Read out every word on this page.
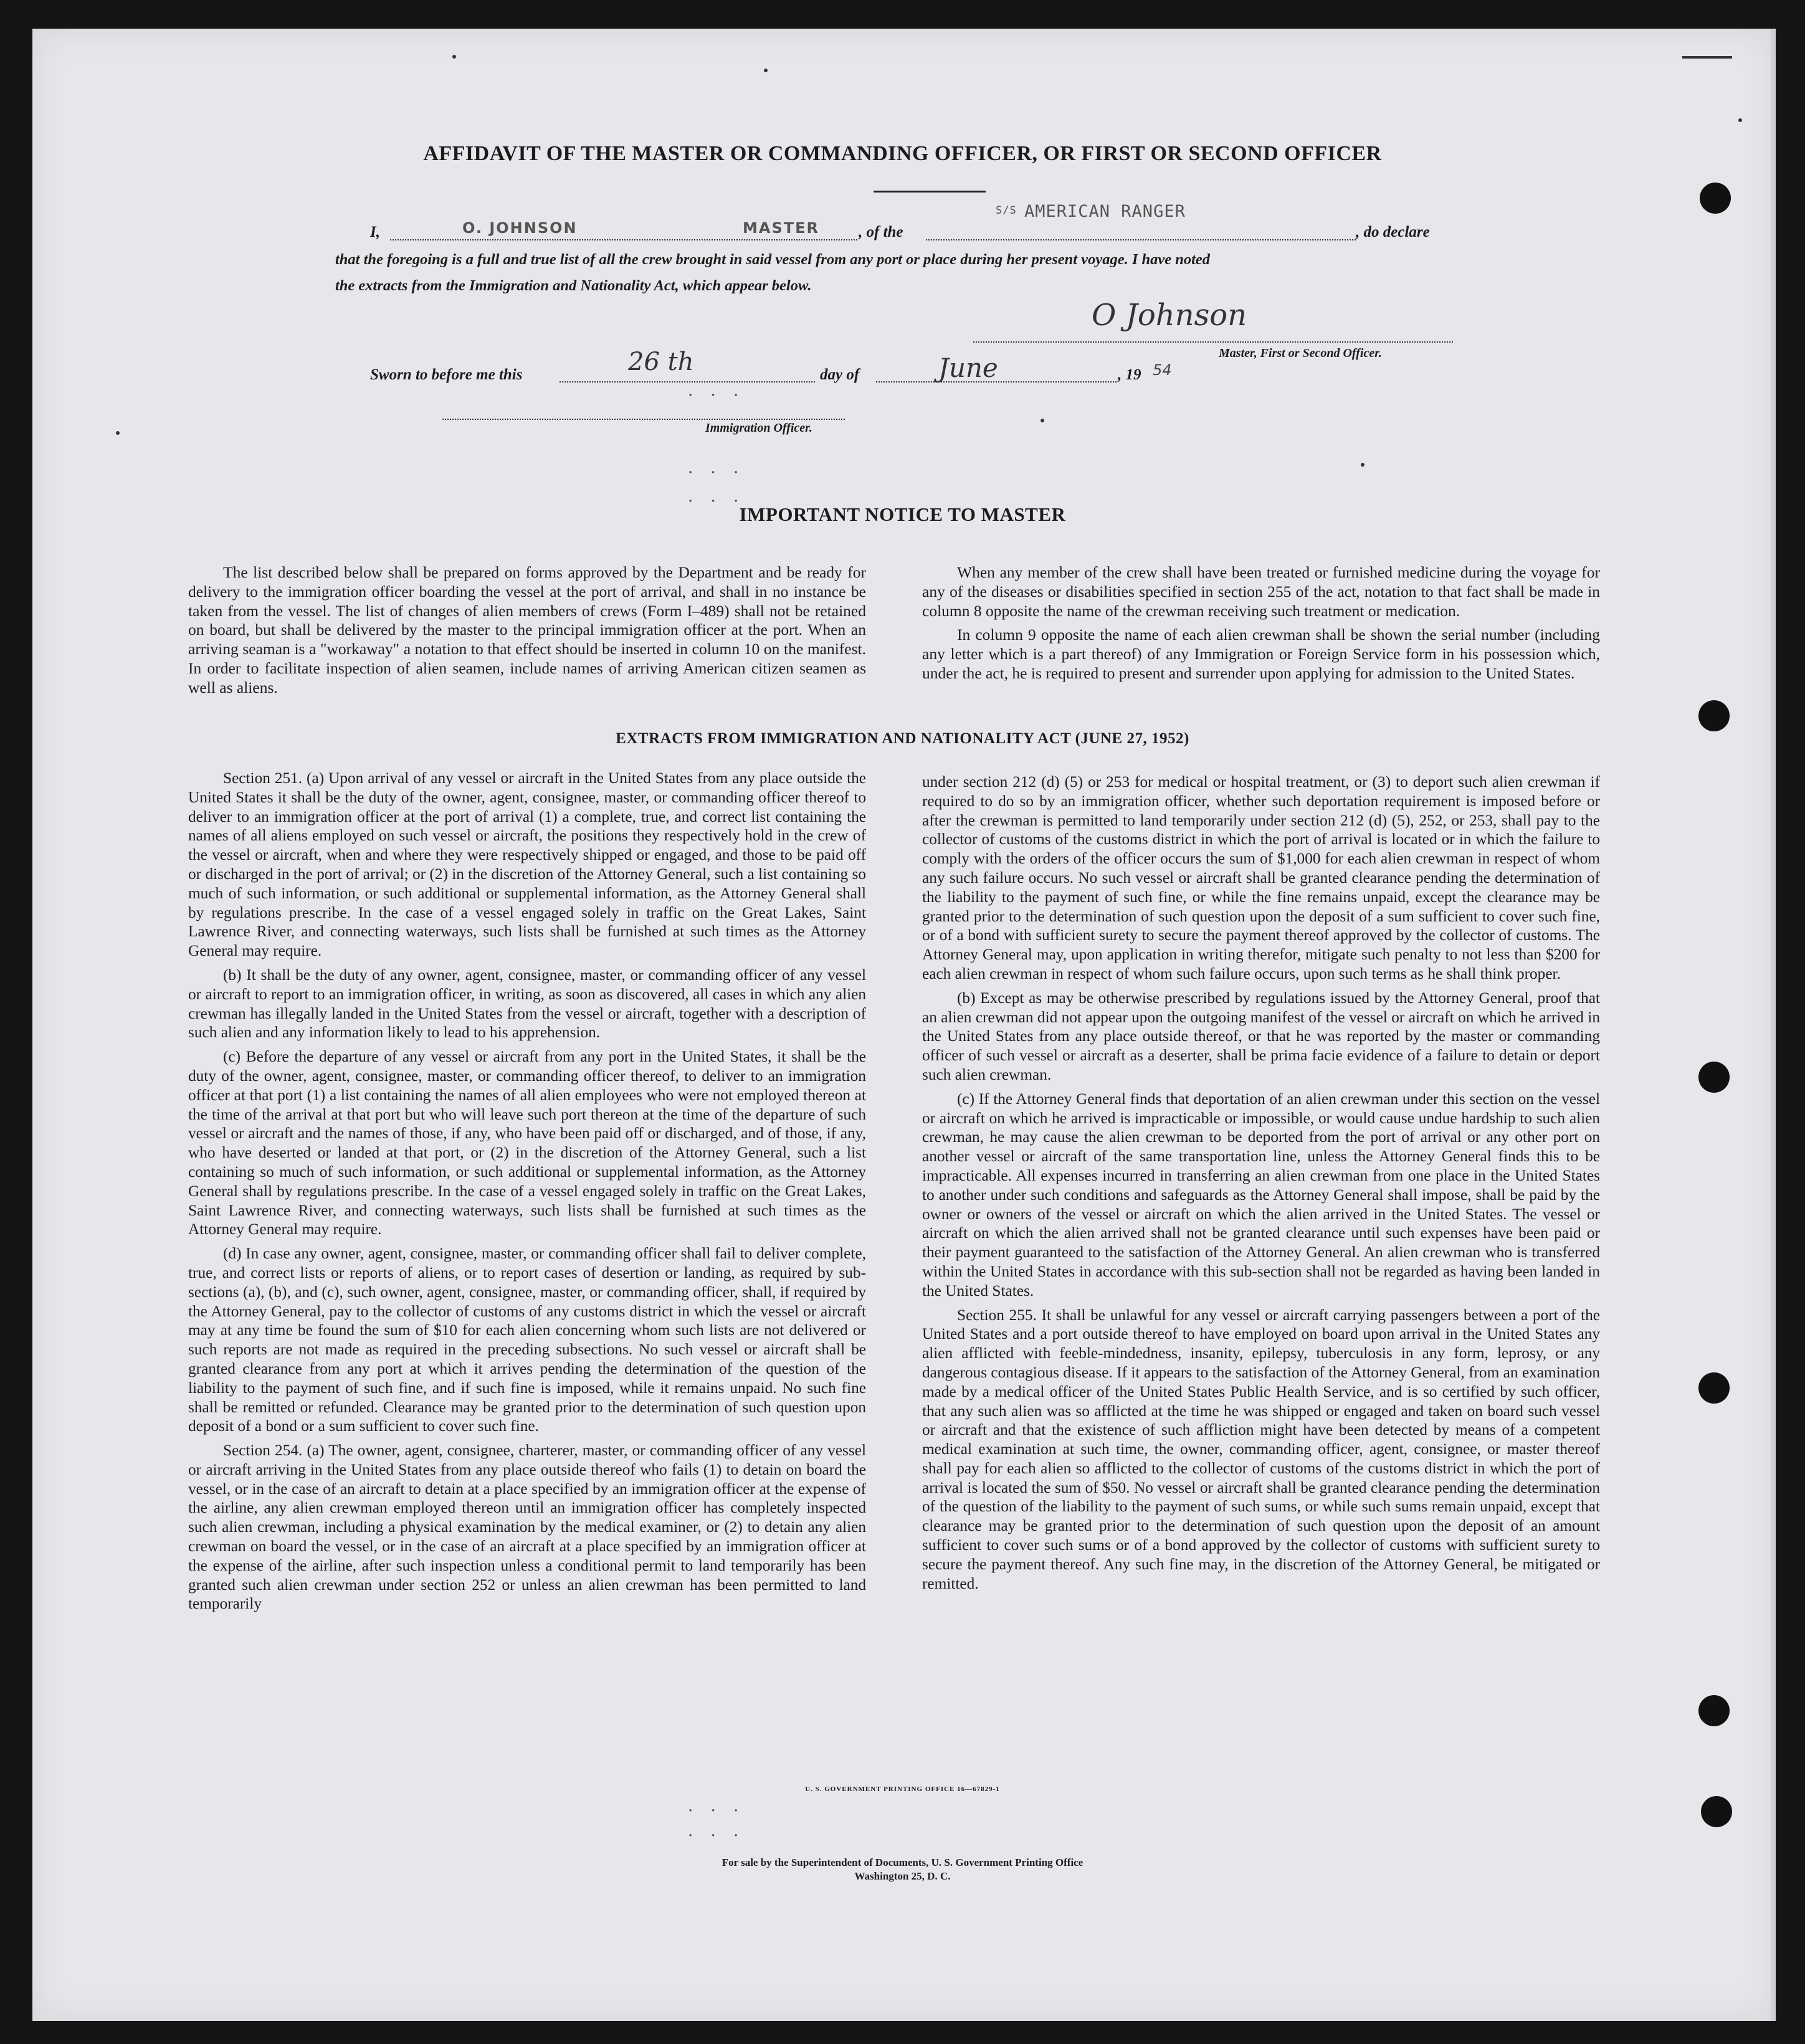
AFFIDAVIT OF THE MASTER OR COMMANDING OFFICER, OR FIRST OR SECOND OFFICER
I,	O. JOHNSON	MASTER	, of the
S/S AMERICAN RANGER
, do declare
that the foregoing is a full and true list of all the crew brought in said vessel from any port or place during her present voyage. I have noted
the extracts from the Immigration and Nationality Act, which appear below.
O Johnson
Master, First or Second Officer.
Sworn to before me this	26 th	day of	June	, 19 54
. . .
Immigration Officer.
. . .
. . .
IMPORTANT NOTICE TO MASTER

The list described below shall be prepared on forms approved by the Department and be ready for delivery to the immigration officer boarding the vessel at the port of arrival, and shall in no instance be taken from the vessel. The list of changes of alien members of crews (Form I–489) shall not be retained on board, but shall be delivered by the master to the principal immigration officer at the port. When an arriving seaman is a "workaway" a notation to that effect should be inserted in column 10 on the manifest. In order to facilitate inspection of alien seamen, include names of arriving American citizen seamen as well as aliens.

When any member of the crew shall have been treated or furnished medicine during the voyage for any of the diseases or disabilities specified in section 255 of the act, notation to that fact shall be made in column 8 opposite the name of the crewman receiving such treatment or medication.

In column 9 opposite the name of each alien crewman shall be shown the serial number (including any letter which is a part thereof) of any Immigration or Foreign Service form in his possession which, under the act, he is required to present and surrender upon applying for admission to the United States.

EXTRACTS FROM IMMIGRATION AND NATIONALITY ACT (JUNE 27, 1952)

Section 251. (a) Upon arrival of any vessel or aircraft in the United States from any place outside the United States it shall be the duty of the owner, agent, consignee, master, or commanding officer thereof to deliver to an immigration officer at the port of arrival (1) a complete, true, and correct list containing the names of all aliens employed on such vessel or aircraft, the positions they respectively hold in the crew of the vessel or aircraft, when and where they were respectively shipped or engaged, and those to be paid off or discharged in the port of arrival; or (2) in the discretion of the Attorney General, such a list containing so much of such information, or such additional or supplemental information, as the Attorney General shall by regulations prescribe. In the case of a vessel engaged solely in traffic on the Great Lakes, Saint Lawrence River, and connecting waterways, such lists shall be furnished at such times as the Attorney General may require.

(b) It shall be the duty of any owner, agent, consignee, master, or commanding officer of any vessel or aircraft to report to an immigration officer, in writing, as soon as discovered, all cases in which any alien crewman has illegally landed in the United States from the vessel or aircraft, together with a description of such alien and any information likely to lead to his apprehension.

(c) Before the departure of any vessel or aircraft from any port in the United States, it shall be the duty of the owner, agent, consignee, master, or commanding officer thereof, to deliver to an immigration officer at that port (1) a list containing the names of all alien employees who were not employed thereon at the time of the arrival at that port but who will leave such port thereon at the time of the departure of such vessel or aircraft and the names of those, if any, who have been paid off or discharged, and of those, if any, who have deserted or landed at that port, or (2) in the discretion of the Attorney General, such a list containing so much of such information, or such additional or supplemental information, as the Attorney General shall by regulations prescribe. In the case of a vessel engaged solely in traffic on the Great Lakes, Saint Lawrence River, and connecting waterways, such lists shall be furnished at such times as the Attorney General may require.

(d) In case any owner, agent, consignee, master, or commanding officer shall fail to deliver complete, true, and correct lists or reports of aliens, or to report cases of desertion or landing, as required by sub-sections (a), (b), and (c), such owner, agent, consignee, master, or commanding officer, shall, if required by the Attorney General, pay to the collector of customs of any customs district in which the vessel or aircraft may at any time be found the sum of $10 for each alien concerning whom such lists are not delivered or such reports are not made as required in the preceding subsections. No such vessel or aircraft shall be granted clearance from any port at which it arrives pending the determination of the question of the liability to the payment of such fine, and if such fine is imposed, while it remains unpaid. No such fine shall be remitted or refunded. Clearance may be granted prior to the determination of such question upon deposit of a bond or a sum sufficient to cover such fine.

Section 254. (a) The owner, agent, consignee, charterer, master, or commanding officer of any vessel or aircraft arriving in the United States from any place outside thereof who fails (1) to detain on board the vessel, or in the case of an aircraft to detain at a place specified by an immigration officer at the expense of the airline, any alien crewman employed thereon until an immigration officer has completely inspected such alien crewman, including a physical examination by the medical examiner, or (2) to detain any alien crewman on board the vessel, or in the case of an aircraft at a place specified by an immigration officer at the expense of the airline, after such inspection unless a conditional permit to land temporarily has been granted such alien crewman under section 252 or unless an alien crewman has been permitted to land temporarily

under section 212 (d) (5) or 253 for medical or hospital treatment, or (3) to deport such alien crewman if required to do so by an immigration officer, whether such deportation requirement is imposed before or after the crewman is permitted to land temporarily under section 212 (d) (5), 252, or 253, shall pay to the collector of customs of the customs district in which the port of arrival is located or in which the failure to comply with the orders of the officer occurs the sum of $1,000 for each alien crewman in respect of whom any such failure occurs. No such vessel or aircraft shall be granted clearance pending the determination of the liability to the payment of such fine, or while the fine remains unpaid, except the clearance may be granted prior to the determination of such question upon the deposit of a sum sufficient to cover such fine, or of a bond with sufficient surety to secure the payment thereof approved by the collector of customs. The Attorney General may, upon application in writing therefor, mitigate such penalty to not less than $200 for each alien crewman in respect of whom such failure occurs, upon such terms as he shall think proper.

(b) Except as may be otherwise prescribed by regulations issued by the Attorney General, proof that an alien crewman did not appear upon the outgoing manifest of the vessel or aircraft on which he arrived in the United States from any place outside thereof, or that he was reported by the master or commanding officer of such vessel or aircraft as a deserter, shall be prima facie evidence of a failure to detain or deport such alien crewman.

(c) If the Attorney General finds that deportation of an alien crewman under this section on the vessel or aircraft on which he arrived is impracticable or impossible, or would cause undue hardship to such alien crewman, he may cause the alien crewman to be deported from the port of arrival or any other port on another vessel or aircraft of the same transportation line, unless the Attorney General finds this to be impracticable. All expenses incurred in transferring an alien crewman from one place in the United States to another under such conditions and safeguards as the Attorney General shall impose, shall be paid by the owner or owners of the vessel or aircraft on which the alien arrived in the United States. The vessel or aircraft on which the alien arrived shall not be granted clearance until such expenses have been paid or their payment guaranteed to the satisfaction of the Attorney General. An alien crewman who is transferred within the United States in accordance with this sub-section shall not be regarded as having been landed in the United States.

Section 255. It shall be unlawful for any vessel or aircraft carrying passengers between a port of the United States and a port outside thereof to have employed on board upon arrival in the United States any alien afflicted with feeble-mindedness, insanity, epilepsy, tuberculosis in any form, leprosy, or any dangerous contagious disease. If it appears to the satisfaction of the Attorney General, from an examination made by a medical officer of the United States Public Health Service, and is so certified by such officer, that any such alien was so afflicted at the time he was shipped or engaged and taken on board such vessel or aircraft and that the existence of such affliction might have been detected by means of a competent medical examination at such time, the owner, commanding officer, agent, consignee, or master thereof shall pay for each alien so afflicted to the collector of customs of the customs district in which the port of arrival is located the sum of $50. No vessel or aircraft shall be granted clearance pending the determination of the question of the liability to the payment of such sums, or while such sums remain unpaid, except that clearance may be granted prior to the determination of such question upon the deposit of an amount sufficient to cover such sums or of a bond approved by the collector of customs with sufficient surety to secure the payment thereof. Any such fine may, in the discretion of the Attorney General, be mitigated or remitted.

U. S. GOVERNMENT PRINTING OFFICE 16—67829-1
. . .
. . .
For sale by the Superintendent of Documents, U. S. Government Printing Office
Washington 25, D. C.
